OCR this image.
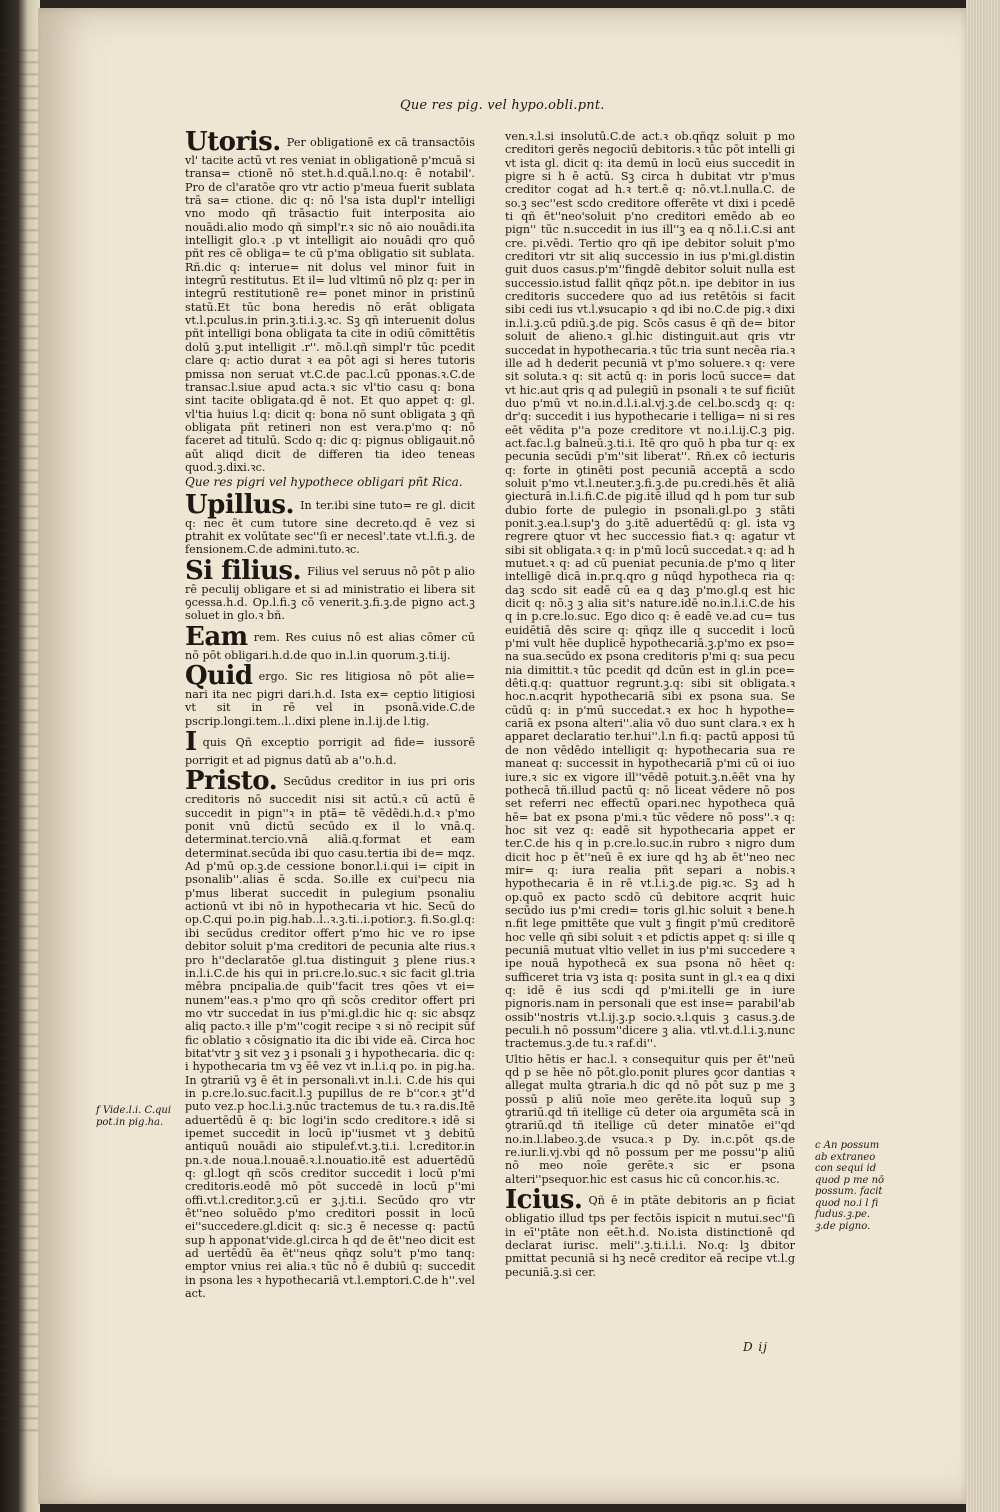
Que res pig. vel hypo.obli.pnt.

Utoris. Per obligationē ex cā transactōis vl' tacite actū vt res veniat in obligationē p'mcuā si transa= ctionē nō stet.h.d.quā.l.no.q: ē notabil'. Pro de cl'aratōe qro vtr actio p'meua fuerit sublata trā sa= ctione. dic q: nō l'sa ista dupl'r intelligi vno modo qñ trāsactio fuit interposita aio nouādi.alio modo qñ simpl'r.ꝛ sic nō aio nouādi.ita intelligit glo.ꝛ .p vt intelligit aio nouādi qro quō pñt res cē obliga= te cū p'ma obligatio sit sublata. Rñ.dic q: interue= nit dolus vel minor fuit in integrū restitutus. Et il= lud vltimū nō plz q: per in integrū restitutionē re= ponet minor in pristinū statū.Et tūc bona heredis nō erāt obligata vt.l.pculus.in prin.ꝫ.ti.i.ꝫ.ꝛc. Sꝫ qñ interuenit dolus pñt intelligi bona obligata ta cite in odiū cōmittētis dolū ꝫ.put intelligit .r''. mō.l.qñ simpl'r tūc pcedit clare q: actio durat ꝛ ea pōt agi si heres tutoris pmissa non seruat vt.C.de pac.l.cū pponas.ꝛ.C.de transac.l.siue apud acta.ꝛ sic vl'tio casu q: bona sint tacite obligata.qd ē not. Et quo appet q: gl. vl'tia huius l.q: dicit q: bona nō sunt obligata ꝫ qñ obligata pñt retineri non est vera.p'mo q: nō faceret ad titulū. Scdo q: dic q: pignus obligauit.nō aūt aliqd dicit de differen tia ideo teneas quod.ꝫ.dixi.ꝛc.

Que res pigri vel hypothece obligari pñt Rica.

Upillus. In ter.ibi sine tuto= re gl. dicit q: nec ēt cum tutore sine decreto.qd ē vez si ꝑtrahit ex volūtate sec''ſi er necesl'.tate vt.l.fi.ꝫ. de fensionem.C.de admini.tuto.ꝛc.

Si filius. Filius vel seruus nō pōt p alio rē peculij obligare et si ad ministratio ei libera sit ꝯcessa.h.d. Op.l.fi.ꝫ cō venerit.ꝫ.fi.ꝫ.de pigno act.ꝫ soluet in glo.ꝛ bñ.

Eam rem. Res cuius nō est alias cōmer cū nō pōt obligari.h.d.de quo in.l.in quorum.ꝫ.ti.ij.

Quid ergo. Sic res litigiosa nō pōt alie= nari ita nec pigri dari.h.d. Ista ex= ceptio litigiosi vt sit in rē vel in psonā.vide.C.de pscrip.longi.tem..l..dixi plene in.l.ij.de l.tig.

Iquis Qñ exceptio porrigit ad fide= iussorē porrigit et ad pignus datū ab a''o.h.d.

Pristo. Secūdus creditor in ius pri oris creditoris nō succedit nisi sit actū.ꝛ cū actū ē succedit in pign''ꝛ in ptā= tē vēdēdi.h.d.ꝛ p'mo ponit vnū dictū secūdo ex il lo vnā.q. determinat.tercio.vnā aliā.q.format et eam determinat.secūda ibi quo casu.tertia ibi de= mqz. Ad p'mū op.ꝫ.de cessione bonor.l.i.qui i= cipit in psonalib''.alias ē scda. So.ille ex cui'pecu nia p'mus liberat succedit in pulegium psonaliu actionū vt ibi nō in hypothecaria vt hic. Secū do op.C.qui po.in pig.hab..l..ꝛ.ꝫ.ti..i.potior.ꝫ. fi.So.gl.q: ibi secūdus creditor offert p'mo hic ve ro ipse debitor soluit p'ma creditori de pecunia alte rius.ꝛ pro h''declaratōe gl.tua distinguit ꝫ plene rius.ꝛ in.l.i.C.de his qui in pri.cre.lo.suc.ꝛ sic facit gl.tria mēbra pncipalia.de quib''facit tres qōes vt ei= nunem''eas.ꝛ p'mo qro qñ scōs creditor offert pri mo vtr succedat in ius p'mi.gl.dic hic q: sic absqz aliq pacto.ꝛ ille p'm''cogit recipe ꝛ si nō recipit sūf fic oblatio ꝛ cōsignatio ita dic ibi vide eā. Circa hoc bitat'vtr ꝫ sit vez ꝫ i psonali ꝫ i hypothecaria. dic q: i hypothecaria tm vꝫ ēē vez vt in.l.i.q po. in pig.ha. In ꝯtrariū vꝫ ē ēt in personali.vt in.l.i. C.de his qui in p.cre.lo.suc.facit.l.ꝫ pupillus de re b''cor.ꝛ ꝫt''d puto vez.p hoc.l.i.ꝫ.nūc tractemus de tu.ꝛ ra.dis.Itē aduertēdū ē q: bic logi'in scdo creditore.ꝛ idē si ipemet succedit in locū ip''iusmet vt ꝫ debitū antiquū nouādi aio stipulef.vt.ꝫ.ti.i. l.creditor.in pn.ꝛ.de noua.l.nouaē.ꝛ.l.nouatio.itē est aduertēdū q: gl.logt qñ scōs creditor succedit i locū p'mi creditoris.eodē mō pōt succedē in locū p''mi offi.vt.l.creditor.ꝫ.cū er ꝫ.j.ti.i. Secūdo qro vtr ēt''neo soluēdo p'mo creditori possit in locū ei''succedere.gl.dicit q: sic.ꝫ ē necesse q: pactū sup h apponat'vide.gl.circa h qd de ēt''neo dicit est ad uertēdū ēa ēt''neus qñqz solu't p'mo tanq: emptor vnius rei alia.ꝛ tūc nō ē dubiū q: succedit in psona les ꝛ hypothecariā vt.l.emptori.C.de h''.vel act.

ven.ꝛ.l.si insolutū.C.de act.ꝛ ob.qñqz soluit p mo creditori gerēs negociū debitoris.ꝛ tūc pōt intelli gi vt ista gl. dicit q: ita demū in locū eius succedit in pigre si h ē actū. Sꝫ circa h dubitat vtr p'mus creditor cogat ad h.ꝛ tert.ē q: nō.vt.l.nulla.C. de so.ꝫ sec''est scdo creditore offerēte vt dixi i pcedē ti qñ ēt''neo'soluit p'no creditori emēdo ab eo pign'' tūc n.succedit in ius ill''ꝫ ea q nō.l.i.C.si ant cre. pi.vēdi. Tertio qro qñ ipe debitor soluit p'mo creditori vtr sit aliq successio in ius p'mi.gl.distin guit duos casus.p'm''fingdē debitor soluit nulla est successio.istud fallit qñqz pōt.n. ipe debitor in ius creditoris succedere quo ad ius retētōis si facit sibi cedi ius vt.l.ꝟsucapio ꝛ qd ibi no.C.de pig.ꝛ dixi in.l.i.ꝫ.cū pdiū.ꝫ.de pig. Scōs casus ē qñ de= bitor soluit de alieno.ꝛ gl.hic distinguit.aut qris vtr succedat in hypothecaria.ꝛ tūc tria sunt necēa ria.ꝛ ille ad h dederit pecuniā vt p'mo soluere.ꝛ q: vere sit soluta.ꝛ q: sit actū q: in poris locū succe= dat vt hic.aut qris q ad pulegiū in psonali ꝛ te suf ficiūt duo p'mū vt no.in.d.l.i.al.vj.ꝫ.de cel.bo.scdꝫ q: q: dr'q: succedit i ius hypothecarie i telliga= ni si res eēt vēdita p''a poze creditore vt no.i.l.ij.C.ꝫ pig. act.fac.l.g balneū.ꝫ.ti.i. Itē qro quō h pba tur q: ex pecunia secūdi p'm''sit liberat''. Rñ.ex cō iecturis q: forte in ꝯtinēti post pecuniā acceptā a scdo soluit p'mo vt.l.neuter.ꝫ.fi.ꝫ.de pu.credi.hēs ēt aliā ꝯiecturā in.l.i.fi.C.de pig.itē illud qd h pom tur sub dubio forte de pulegio in psonali.gl.po ꝫ stāti ponit.ꝫ.ea.l.sup'ꝫ do ꝫ.itē aduertēdū q: gl. ista vꝫ regrere ꝗtuor vt hec successio fiat.ꝛ q: agatur vt sibi sit obligata.ꝛ q: in p'mū locū succedat.ꝛ q: ad h mutuet.ꝛ q: ad cū pueniat pecunia.de p'mo q liter intelligē dicā in.pr.q.qro g nūqd hypotheca ria q: daꝫ scdo sit eadē cū ea q daꝫ p'mo.gl.q est hic dicit q: nō.ꝫ ꝫ alia sit's nature.idē no.in.l.i.C.de his q in p.cre.lo.suc. Ego dico q: ē eadē ve.ad cu= tus euidētiā dēs scire q: qñqz ille q succedit i locū p'mi vult hēe duplicē hypothecariā.ꝫ.p'mo ex pso= na sua.secūdo ex psona creditoris p'mi q: sua pecu nia dimittit.ꝛ tūc pcedit qd dcūn est in gl.in pce= dēti.q.q: quattuor regrunt.ꝫ.q: sibi sit obligata.ꝛ hoc.n.acqrit hypothecariā sibi ex psona sua. Se cūdū q: in p'mū succedat.ꝛ ex hoc h hypothe= cariā ex psona alteri''.alia vō duo sunt clara.ꝛ ex h apparet declaratio ter.hui''.l.n fi.q: pactū apposi tū de non vēdēdo intelligit q: hypothecaria sua re maneat q: successit in hypothecariā p'mi cū oi iuo iure.ꝛ sic ex vigore ill''vēdē potuit.ꝫ.n.ēēt vna hy pothecā tñ.illud pactū q: nō liceat vēdere nō pos set referri nec effectū opari.nec hypotheca quā hē= bat ex psona p'mi.ꝛ tūc vēdere nō poss''.ꝛ q: hoc sit vez q: eadē sit hypothecaria appet er ter.C.de his q in p.cre.lo.suc.in rubro ꝛ nigro dum dicit hoc p ēt''neū ē ex iure qd hꝫ ab ēt''neo nec mir= q: iura realia pñt separi a nobis.ꝛ hypothecaria ē in rē vt.l.i.ꝫ.de pig.ꝛc. Sꝫ ad h op.quō ex pacto scdō cū debitore acqrit huic secūdo ius p'mi credi= toris gl.hic soluit ꝛ bene.h n.fit lege pmittēte que vult ꝫ fingit p'mū creditorē hoc velle qñ sibi soluit ꝛ et pdictis appet q: si ille q pecuniā mutuat vltio vellet in ius p'mi succedere ꝛ ipe nouā hypothecā ex sua psona nō hēet q: sufficeret tria vꝫ ista q: posita sunt in gl.ꝛ ea q dixi q: idē ē ius scdi qd p'mi.itelli ge in iure pignoris.nam in personali que est inse= parabil'ab ossib''nostris vt.l.ij.ꝫ.p socio.ꝛ.l.quis ꝫ casus.ꝫ.de peculi.h nō possum''dicere ꝫ alia. vtl.vt.d.l.i.ꝫ.nunc tractemus.ꝫ.de tu.ꝛ raf.di''.

Ultio hētis er hac.l. ꝛ consequitur quis per ēt''neū qd p se hēe nō pōt.glo.ponit plures ꝯcor dantias ꝛ allegat multa ꝯtraria.h dic qd nō pōt suz p me ꝫ possū p aliū noīe meo gerēte.ita loquū sup ꝫ ꝯtrariū.qd tñ itellige cū deter oia argumēta scā in ꝯtrariū.qd tñ itellige cū deter minatōe ei''qd no.in.l.labeo.ꝫ.de vsuca.ꝛ p Dy. in.c.pōt qs.de re.iur.li.vj.vbi qd nō possum per me possu''p aliū nō meo noīe gerēte.ꝛ sic er psona alteri''psequor.hic est casus hic cū concor.his.ꝛc.

Icius. Qñ ē in ptāte debitoris an p ficiat obligatio illud tps per fectōis ispicit n mutui.sec''ſi in eī''ptāte non eēt.h.d. No.ista distinctionē qd declarat iurisc. meli''.ꝫ.ti.i.l.i. No.q: lꝫ dbitor pmittat pecuniā si hꝫ necē creditor eā recipe vt.l.g pecuniā.ꝫ.si cer.

f Vide.l.i. C.qui pot.in pig.ha.
c An possum ab extraneo con sequi id quod p me nō possum. facit quod no.i l fi fudus.ꝫ.pe. ꝫ.de pigno.
D ij
